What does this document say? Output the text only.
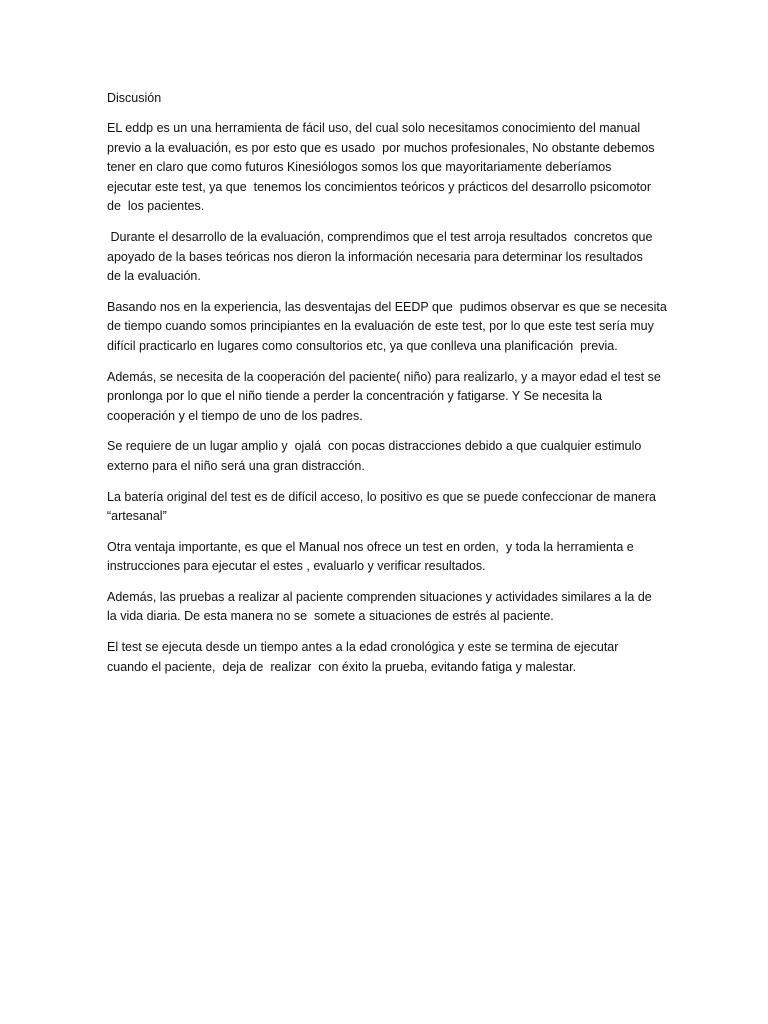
Discusión
EL eddp es un una herramienta de fácil uso, del cual solo necesitamos conocimiento del manual
previo a la evaluación, es por esto que es usado  por muchos profesionales, No obstante debemos
tener en claro que como futuros Kinesiólogos somos los que mayoritariamente deberíamos
ejecutar este test, ya que  tenemos los concimientos teóricos y prácticos del desarrollo psicomotor
de  los pacientes.
Durante el desarrollo de la evaluación, comprendimos que el test arroja resultados  concretos que
apoyado de la bases teóricas nos dieron la información necesaria para determinar los resultados
de la evaluación.
Basando nos en la experiencia, las desventajas del EEDP que  pudimos observar es que se necesita
de tiempo cuando somos principiantes en la evaluación de este test, por lo que este test sería muy
difícil practicarlo en lugares como consultorios etc, ya que conlleva una planificación  previa.
Además, se necesita de la cooperación del paciente( niño) para realizarlo, y a mayor edad el test se
pronlonga por lo que el niño tiende a perder la concentración y fatigarse. Y Se necesita la
cooperación y el tiempo de uno de los padres.
Se requiere de un lugar amplio y  ojalá  con pocas distracciones debido a que cualquier estimulo
externo para el niño será una gran distracción.
La batería original del test es de difícil acceso, lo positivo es que se puede confeccionar de manera
“artesanal”
Otra ventaja importante, es que el Manual nos ofrece un test en orden,  y toda la herramienta e
instrucciones para ejecutar el estes , evaluarlo y verificar resultados.
Además, las pruebas a realizar al paciente comprenden situaciones y actividades similares a la de
la vida diaria. De esta manera no se  somete a situaciones de estrés al paciente.
El test se ejecuta desde un tiempo antes a la edad cronológica y este se termina de ejecutar
cuando el paciente,  deja de  realizar  con éxito la prueba, evitando fatiga y malestar.
